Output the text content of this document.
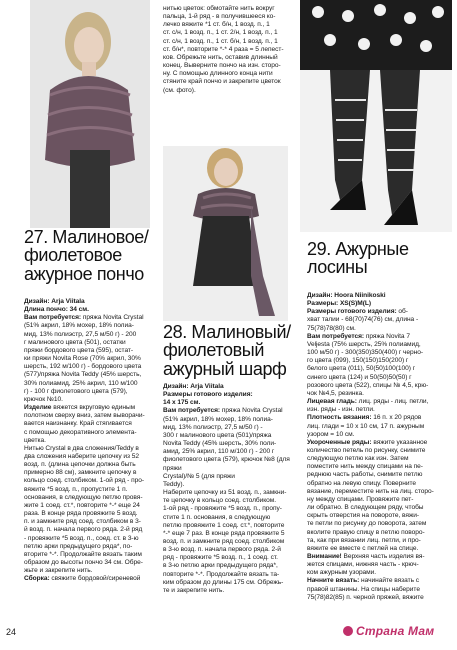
нитью цветок: обмотайте нить вокруг

пальца, 1-й ряд - в получившееся ко-

лечко вяжите *1 ст. б/н, 1 возд. п., 1

ст. с/н, 1 возд. п., 1 ст. 2/н, 1 возд. п., 1

ст. с/н, 1 возд. п., 1 ст. б/н, 1 возд. п., 1

ст. б/н*, повторите *-* 4 раза = 5 лепест-

ков. Обрежьте нить, оставив длинный

конец. Выверните пончо на изн. сторо-

ну. С помощью длинного конца нити

стяните край пончо и закрепите цветок

(см. фото).

27. Малиновое/
фиолетовое
ажурное пончо
28. Малиновый/
фиолетовый
ажурный шарф
29. Ажурные
лосины

Дизайн: Arja Viitala

Длина пончо: 34 см.

Вам потребуется: пряжа Novita Crystal

(51% акрил, 18% мохер, 18% полиа-

мид, 13% полиэстр, 27,5 м/50 г) - 200

г малинового цвета (501), остатки

пряжи бордового цвета (595), остат-

ки пряжи Novita Rose (70% акрил, 30%

шерсть, 192 м/100 г) - бордового цвета

(577)/пряжа Novita Teddy (45% шерсть,

30% полиамид, 25% акрил, 110 м/100

г) - 100 г фиолетового цвета (579),

крючок №10.

Изделие вяжется вкруговую единым

полотном сверху вниз, затем выворачи-

вается наизнанку. Край стягивается

с помощью декоративного элемента-

цветка.

Нитью Crystal в два сложения/Teddy в

два сложения наберите цепочку из 52

возд. п. (длина цепочки должна быть

примерно 88 см), замкните цепочку в

кольцо соед. столбиком. 1-ой ряд - про-

вяжите *5 возд. п., пропустите 1 п.

основания, в следующую петлю провя-

жите 1 соед. ст.*, повторите *-* еще 24

раза. В конце ряда провяжите 5 возд.

п. и замкните ряд соед. столбиком в 3-

й возд. п. начала первого ряда. 2-й ряд

- провяжите *5 возд. п., соед. ст. в 3-ю

петлю арки предыдущего ряда*, по-

вторите *-*. Продолжайте вязать таким

образом до высоты пончо 34 см. Обре-

жьте и закрепите нить.

Сборка: свяжите бордовой/сиреневой

Дизайн: Arja Viitala

Размеры готового изделия:

14 х 175 см.

Вам потребуется: пряжа Novita Crystal

(51% акрил, 18% мохер, 18% полиа-

мид, 13% полиэстр, 27,5 м/50 г) -

300 г малинового цвета (501)/пряжа

Novita Teddy (45% шерсть, 30% поли-

амид, 25% акрил, 110 м/100 г) - 200 г

фиолетового цвета (579), крючок №8 (для пряжи

Crystal)/№ 5 (для пряжи

Teddy).

Наберите цепочку из 51 возд. п., замкни-

те цепочку в кольцо соед. столбиком.

1-ой ряд - провяжите *5 возд. п., пропу-

стите 1 п. основания, в следующую

петлю провяжите 1 соед. ст.*, повторите

*-* еще 7 раз. В конце ряда провяжите 5

возд. п. и замкните ряд соед. столбиком

в 3-ю возд. п. начала первого ряда. 2-й

ряд - провяжите *5 возд. п., 1 соед. ст.

в 3-ю петлю арки предыдущего ряда*,

повторите *-*. Продолжайте вязать та-

ким образом до длины 175 см. Обрежь-

те и закрепите нить.

Дизайн: Hoora Niinikoski

Размеры: XS(S)M(L)

Размеры готового изделия: об-

хват талии - 68(70)74(76) см, длина -

75(78)78(80) см.

Вам потребуется: пряжа Novita 7

Veljesta (75% шерсть, 25% полиамид,

100 м/50 г) - 300(350)350(400) г черно-

го цвета (099), 150(150)150(200) г

белого цвета (011), 50(50)100(100) г

синего цвета (124) и 50(50)50(50) г

розового цвета (522), спицы № 4,5, крю-

чок №4,5, резинка.

Лицевая гладь: лиц. ряды - лиц. петли,

изн. ряды - изн. петли.

Плотность вязания: 16 п. х 20 рядов

лиц. глади = 10 х 10 см, 17 п. ажурным

узором = 10 см.

Укороченные ряды: вяжите указанное

количество петель по рисунку, снимите

следующую петлю как изн. Затем

поместите нить между спицами на пе-

реднюю часть работы, снимите петлю

обратно на левую спицу. Поверните

вязание, переместите нить на лиц. сторо-

ну между спицами. Провяжите пет-

ли обратно. В следующем ряду, чтобы

скрыть отверстия на повороте, вяжи-

те петли по рисунку до поворота, затем

вколите правую спицу в петлю поворо-

та, как при вязании лиц. петли, и про-

вяжите ее вместе с петлей на спице.

Внимание! Верхняя часть изделия вя-

жется спицами, нижняя часть - крюч-

ком ажурным узорами.

Начните вязать: начинайте вязать с

правой штанины. На спицы наберите

75(78)82(85) п. черной пряжей, вяжите

24	Страна Мам
